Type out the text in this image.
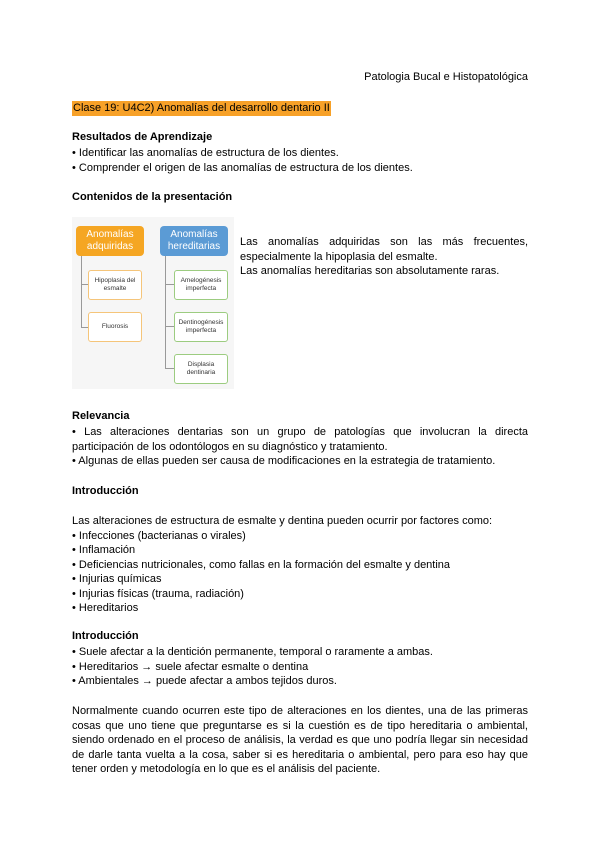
Patologia Bucal e Histopatológica
Clase 19: U4C2) Anomalías del desarrollo dentario II
Resultados de Aprendizaje
• Identificar las anomalías de estructura de los dientes.
• Comprender el origen de las anomalías de estructura de los dientes.
Contenidos de la presentación
Anomalías adquiridas
Anomalías hereditarias
Hipoplasia del esmalte
Fluorosis
Amelogénesis imperfecta
Dentinogénesis imperfecta
Displasia dentinaria
Las anomalías adquiridas son las más frecuentes, especialmente la hipoplasia del esmalte.
Las anomalías hereditarias son absolutamente raras.
Relevancia
• Las alteraciones dentarias son un grupo de patologías que involucran la directa participación de los odontólogos en su diagnóstico y tratamiento.
• Algunas de ellas pueden ser causa de modificaciones en la estrategia de tratamiento.
Introducción
Las alteraciones de estructura de esmalte y dentina pueden ocurrir por factores como:
• Infecciones (bacterianas o virales)
• Inflamación
• Deficiencias nutricionales, como fallas en la formación del esmalte y dentina
• Injurias químicas
• Injurias físicas (trauma, radiación)
• Hereditarios
Introducción
• Suele afectar a la dentición permanente, temporal o raramente a ambas.
• Hereditarios → suele afectar esmalte o dentina
• Ambientales → puede afectar a ambos tejidos duros.
Normalmente cuando ocurren este tipo de alteraciones en los dientes, una de las primeras cosas que uno tiene que preguntarse es si la cuestión es de tipo hereditaria o ambiental, siendo ordenado en el proceso de análisis, la verdad es que uno podría llegar sin necesidad de darle tanta vuelta a la cosa, saber si es hereditaria o ambiental, pero para eso hay que tener orden y metodología en lo que es el análisis del paciente.
